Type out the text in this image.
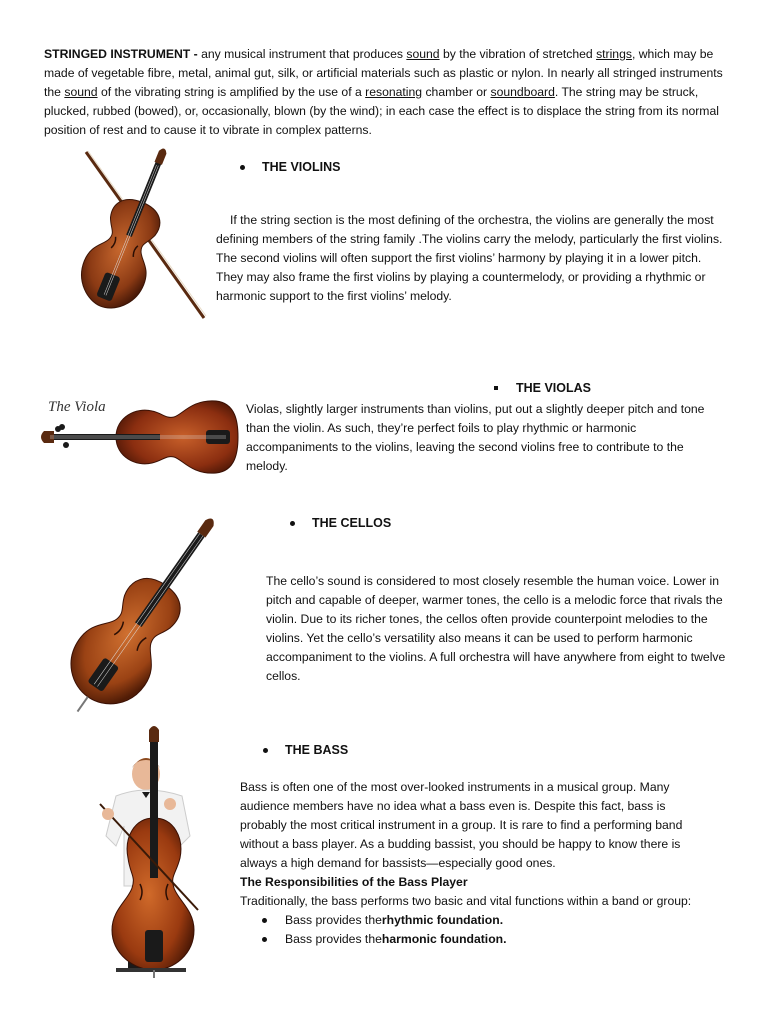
STRINGED INSTRUMENT - any musical instrument that produces sound by the vibration of stretched strings, which may be made of vegetable fibre, metal, animal gut, silk, or artificial materials such as plastic or nylon. In nearly all stringed instruments the sound of the vibrating string is amplified by the use of a resonating chamber or soundboard. The string may be struck, plucked, rubbed (bowed), or, occasionally, blown (by the wind); in each case the effect is to displace the string from its normal position of rest and to cause it to vibrate in complex patterns.

THE VIOLINS

If the string section is the most defining of the orchestra, the violins are generally the most defining members of the string family .The violins carry the melody, particularly the first violins. The second violins will often support the first violins’ harmony by playing it in a lower pitch. They may also frame the first violins by playing a countermelody, or providing a rhythmic or harmonic support to the first violins’ melody.

The Viola
THE VIOLAS

Violas, slightly larger instruments than violins, put out a slightly deeper pitch and tone than the violin. As such, they’re perfect foils to play rhythmic or harmonic accompaniments to the violins, leaving the second violins free to contribute to the melody.

THE CELLOS

The cello’s sound is considered to most closely resemble the human voice. Lower in pitch and capable of deeper, warmer tones, the cello is a melodic force that rivals the violin. Due to its richer tones, the cellos often provide counterpoint melodies to the violins. Yet the cello’s versatility also means it can be used to perform harmonic accompaniment to the violins. A full orchestra will have anywhere from eight to twelve cellos.

THE BASS

Bass is often one of the most over-looked instruments in a musical group. Many audience members have no idea what a bass even is. Despite this fact, bass is probably the most critical instrument in a group. It is rare to find a performing band without a bass player. As a budding bassist, you should be happy to know there is always a high demand for bassists—especially good ones.

The Responsibilities of the Bass Player

Traditionally, the bass performs two basic and vital functions within a band or group:

Bass provides the rhythmic foundation.
Bass provides the harmonic foundation.
